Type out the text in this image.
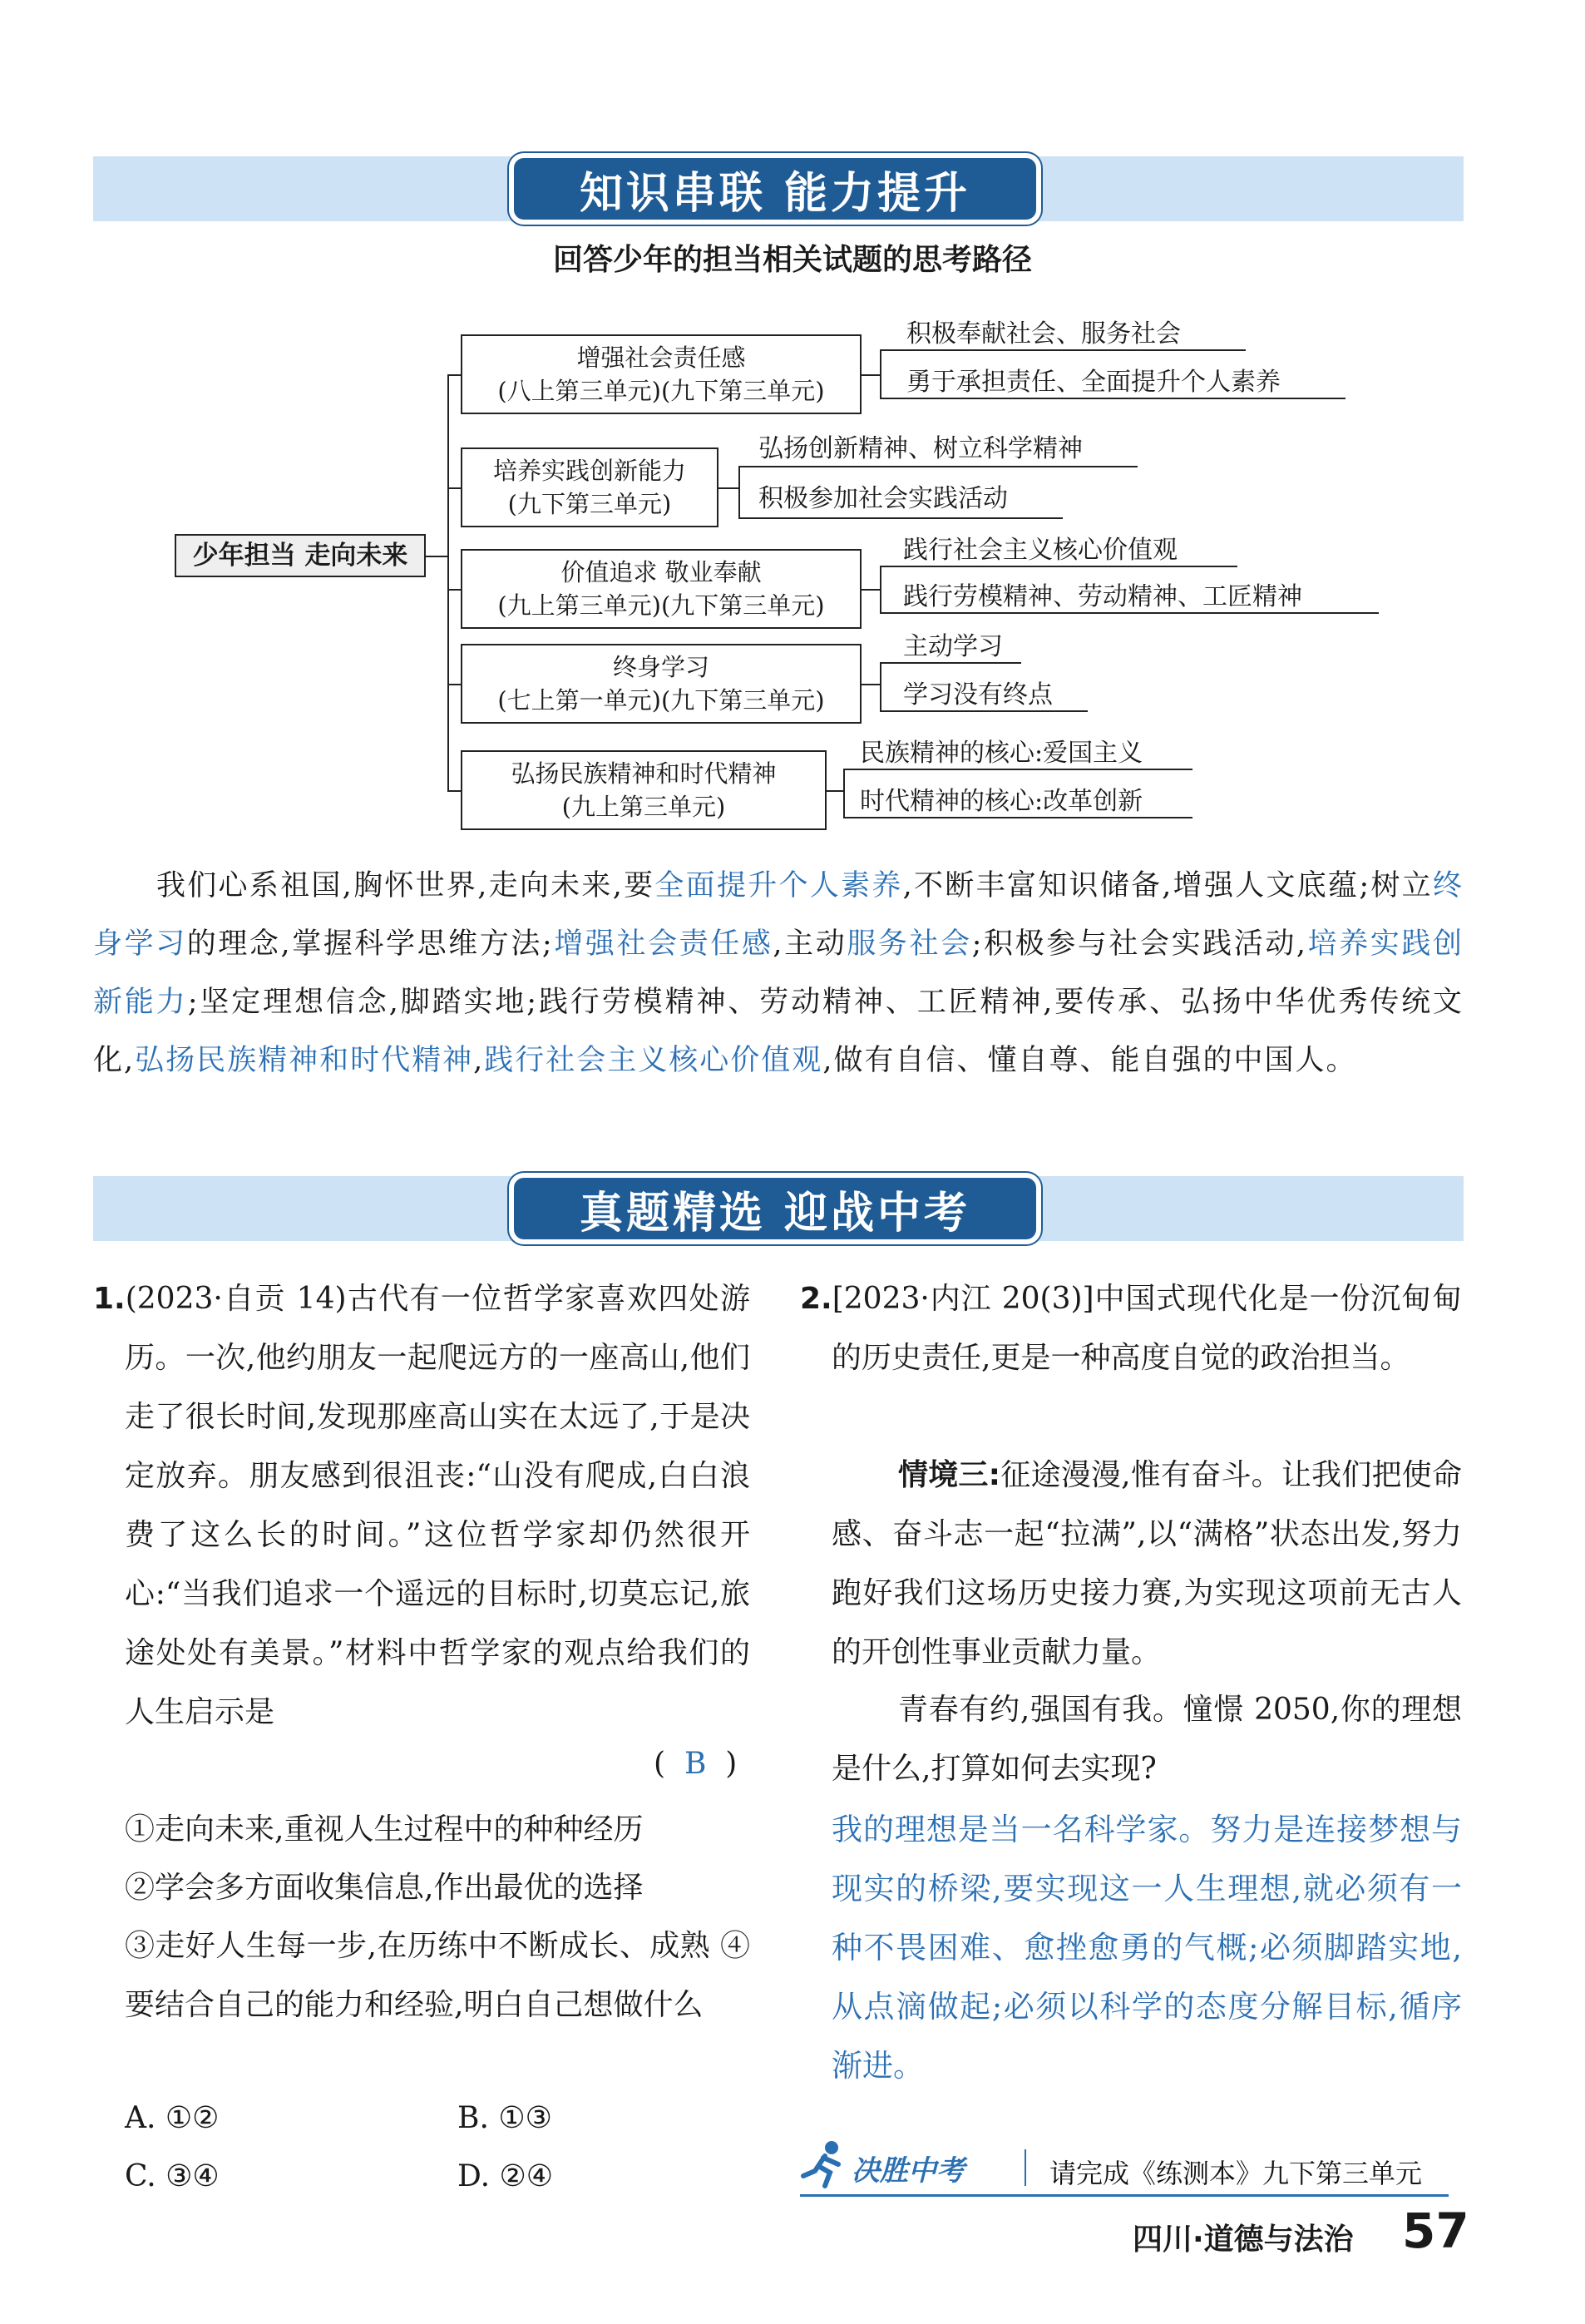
知识串联 能力提升
回答少年的担当相关试题的思考路径
少年担当 走向未来
增强社会责任感
(八上第三单元)(九下第三单元)
积极奉献社会、服务社会
勇于承担责任、全面提升个人素养
培养实践创新能力
(九下第三单元)
弘扬创新精神、树立科学精神
积极参加社会实践活动
价值追求 敬业奉献
(九上第三单元)(九下第三单元)
践行社会主义核心价值观
践行劳模精神、劳动精神、工匠精神
终身学习
(七上第一单元)(九下第三单元)
主动学习
学习没有终点
弘扬民族精神和时代精神
(九上第三单元)
民族精神的核心:爱国主义
时代精神的核心:改革创新
我们心系祖国,胸怀世界,走向未来,要全面提升个人素养,不断丰富知识储备,增强人文底蕴;树立终身学习的理念,掌握科学思维方法;增强社会责任感,主动服务社会;积极参与社会实践活动,培养实践创新能力;坚定理想信念,脚踏实地;践行劳模精神、劳动精神、工匠精神,要传承、弘扬中华优秀传统文化,弘扬民族精神和时代精神,践行社会主义核心价值观,做有自信、懂自尊、能自强的中国人。
真题精选 迎战中考
1.(2023·自贡 14)古代有一位哲学家喜欢四处游历。一次,他约朋友一起爬远方的一座高山,他们走了很长时间,发现那座高山实在太远了,于是决定放弃。朋友感到很沮丧:“山没有爬成,白白浪费了这么长的时间。”这位哲学家却仍然很开心:“当我们追求一个遥远的目标时,切莫忘记,旅途处处有美景。”材料中哲学家的观点给我们的人生启示是
( B )
①走向未来,重视人生过程中的种种经历
②学会多方面收集信息,作出最优的选择
③走好人生每一步,在历练中不断成长、成熟 ④要结合自己的能力和经验,明白自己想做什么
A. ①②	B. ①③
C. ③④	D. ②④
2.[2023·内江 20(3)]中国式现代化是一份沉甸甸的历史责任,更是一种高度自觉的政治担当。
情境三:征途漫漫,惟有奋斗。让我们把使命感、奋斗志一起“拉满”,以“满格”状态出发,努力跑好我们这场历史接力赛,为实现这项前无古人的开创性事业贡献力量。
青春有约,强国有我。憧憬 2050,你的理想是什么,打算如何去实现?
我的理想是当一名科学家。努力是连接梦想与现实的桥梁,要实现这一人生理想,就必须有一种不畏困难、愈挫愈勇的气概;必须脚踏实地,从点滴做起;必须以科学的态度分解目标,循序渐进。
决胜中考	请完成《练测本》九下第三单元
四川·道德与法治 57
